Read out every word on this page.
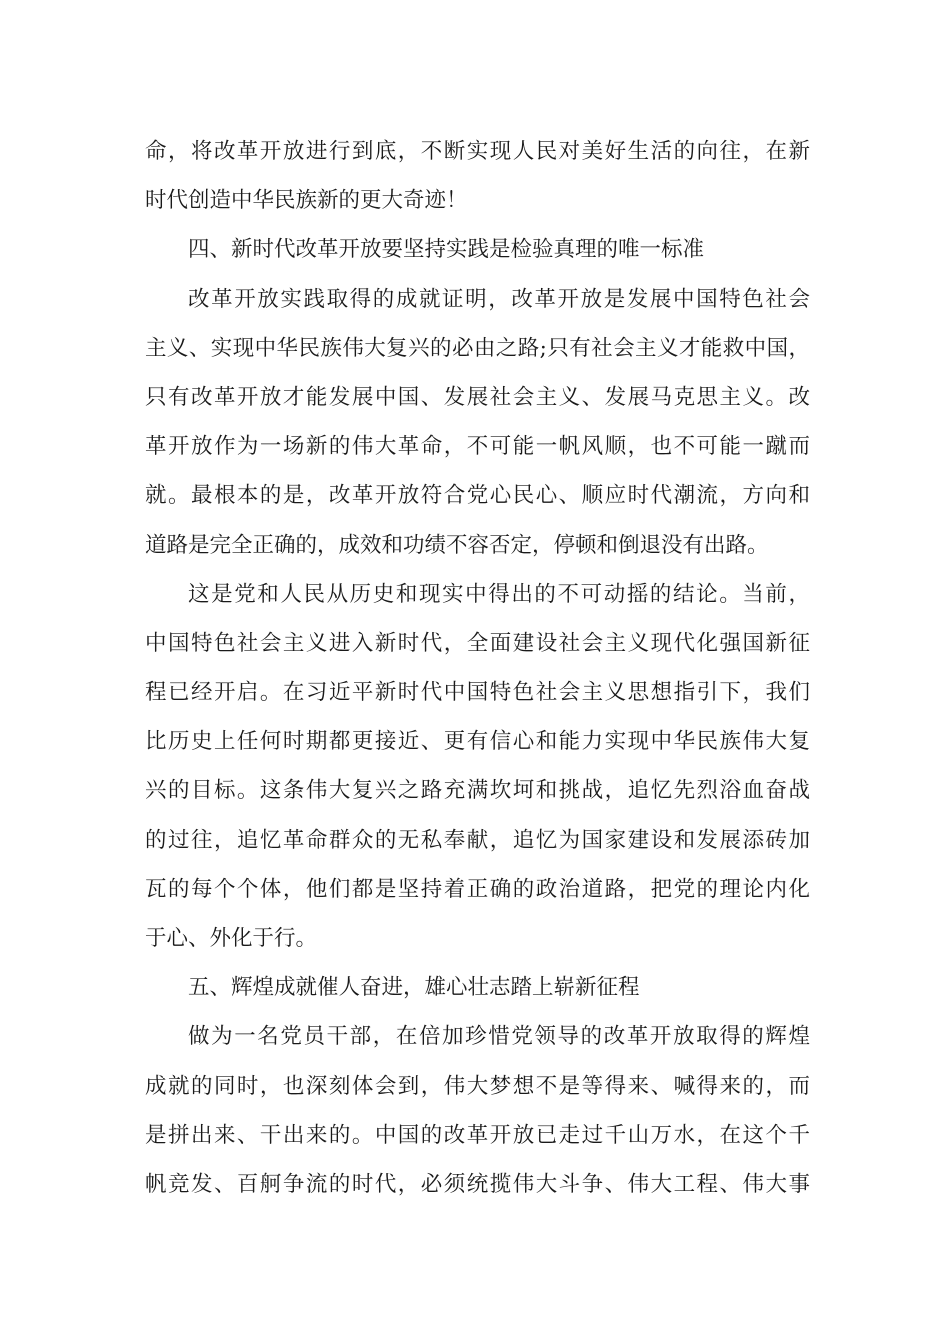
命，将改革开放进行到底，不断实现人民对美好生活的向往，在新
时代创造中华民族新的更大奇迹！
四、新时代改革开放要坚持实践是检验真理的唯一标准
改革开放实践取得的成就证明，改革开放是发展中国特色社会
主义、实现中华民族伟大复兴的必由之路;只有社会主义才能救中国，
只有改革开放才能发展中国、发展社会主义、发展马克思主义。改
革开放作为一场新的伟大革命，不可能一帆风顺，也不可能一蹴而
就。最根本的是，改革开放符合党心民心、顺应时代潮流，方向和
道路是完全正确的，成效和功绩不容否定，停顿和倒退没有出路。
这是党和人民从历史和现实中得出的不可动摇的结论。当前，
中国特色社会主义进入新时代，全面建设社会主义现代化强国新征
程已经开启。在习近平新时代中国特色社会主义思想指引下，我们
比历史上任何时期都更接近、更有信心和能力实现中华民族伟大复
兴的目标。这条伟大复兴之路充满坎坷和挑战，追忆先烈浴血奋战
的过往，追忆革命群众的无私奉献，追忆为国家建设和发展添砖加
瓦的每个个体，他们都是坚持着正确的政治道路，把党的理论内化
于心、外化于行。
五、辉煌成就催人奋进，雄心壮志踏上崭新征程
做为一名党员干部，在倍加珍惜党领导的改革开放取得的辉煌
成就的同时，也深刻体会到，伟大梦想不是等得来、喊得来的，而
是拼出来、干出来的。中国的改革开放已走过千山万水，在这个千
帆竞发、百舸争流的时代，必须统揽伟大斗争、伟大工程、伟大事
